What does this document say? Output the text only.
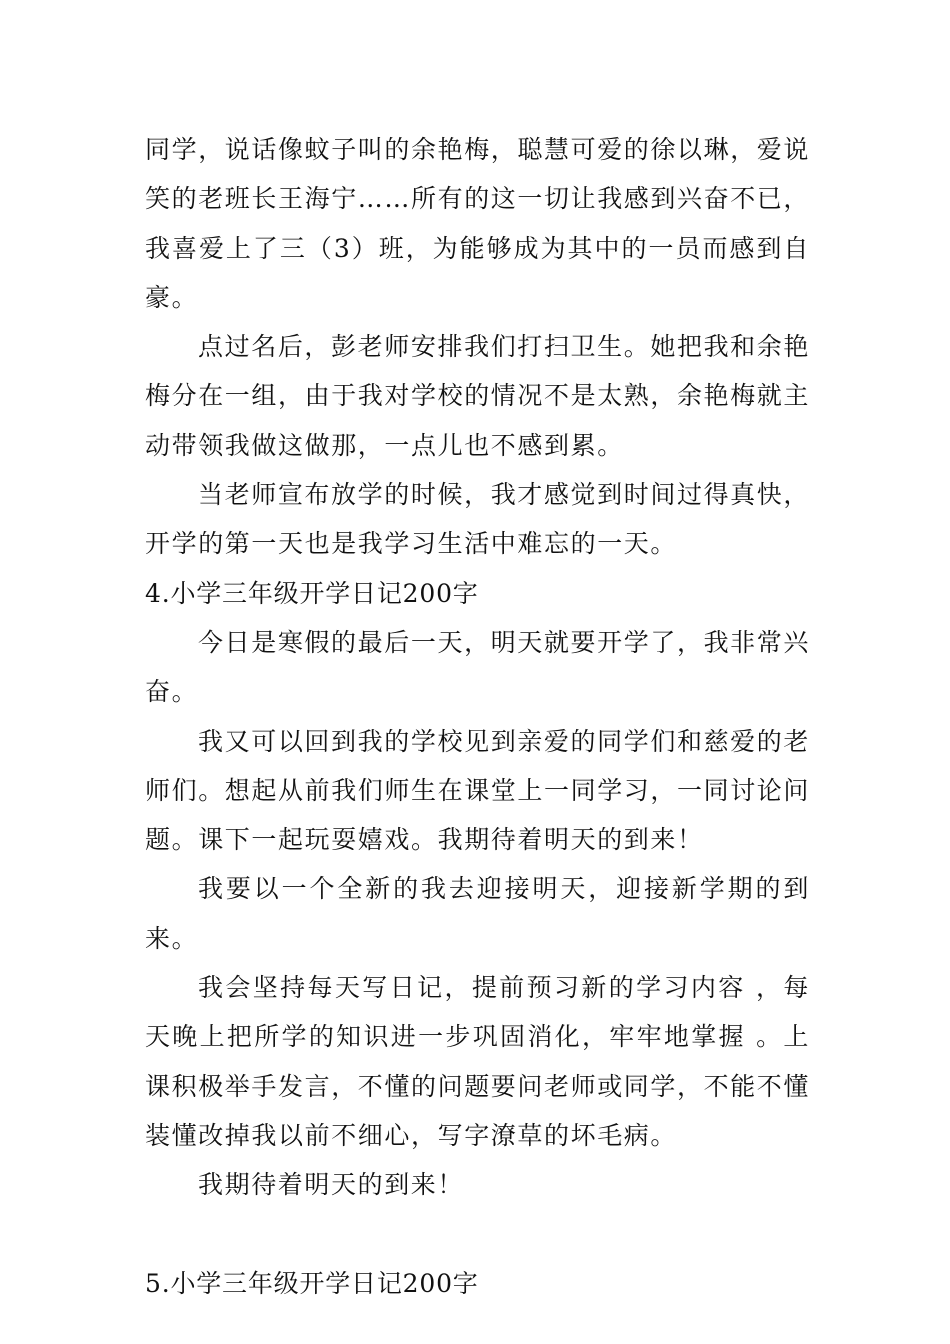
同学，说话像蚊子叫的余艳梅，聪慧可爱的徐以琳，爱说笑的老班长王海宁……所有的这一切让我感到兴奋不已，我喜爱上了三（3）班，为能够成为其中的一员而感到自豪。

点过名后，彭老师安排我们打扫卫生。她把我和余艳梅分在一组，由于我对学校的情况不是太熟，余艳梅就主动带领我做这做那，一点儿也不感到累。

当老师宣布放学的时候，我才感觉到时间过得真快，开学的第一天也是我学习生活中难忘的一天。

4.小学三年级开学日记200字

今日是寒假的最后一天，明天就要开学了，我非常兴奋。

我又可以回到我的学校见到亲爱的同学们和慈爱的老师们。想起从前我们师生在课堂上一同学习，一同讨论问题。课下一起玩耍嬉戏。我期待着明天的到来！

我要以一个全新的我去迎接明天，迎接新学期的到来。

我会坚持每天写日记，提前预习新的学习内容 ，每天晚上把所学的知识进一步巩固消化，牢牢地掌握 。上课积极举手发言，不懂的问题要问老师或同学，不能不懂装懂改掉我以前不细心，写字潦草的坏毛病。

我期待着明天的到来！

5.小学三年级开学日记200字
